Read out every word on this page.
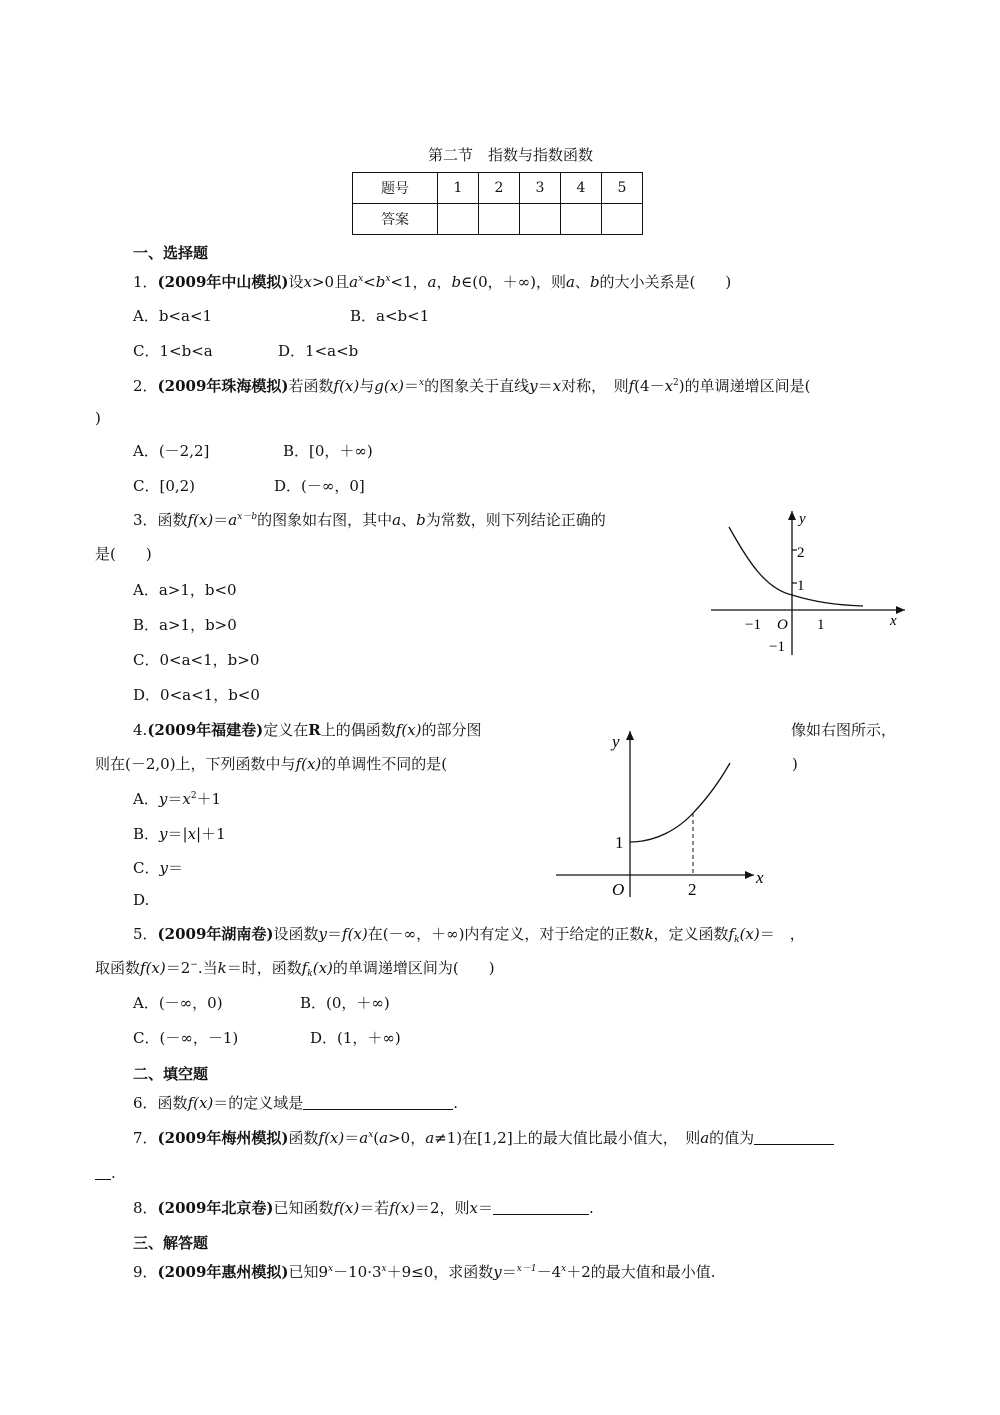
第二节　指数与指数函数
题号	1	2	3	4	5
答案					
一、选择题
1．(2009年中山模拟)设x>0且$a^x<b^x<1$，a，b∈(0，＋∞)，则a、b的大小关系是(　　)
A．b<a<1	B．a<b<1
C．1<b<a	D．1<a<b
2．(2009年珠海模拟)若函数f(x)与g(x)＝$^x$的图象关于直线y＝x对称，　则$f(4-x^2)$的单调递增区间是(
)
A．(－2,2]	B．[0，＋∞)
C．[0,2)	D．(－∞，0]
3．函数$f(x)=a^{x-b}$的图象如右图，其中a、b为常数，则下列结论正确的
是(　　)
A．a>1，b<0
B．a>1，b>0
C．0<a<1，b>0
D．0<a<1，b<0
y
x
2
1
−1 O 1
−1
4.(2009年福建卷)定义在R上的偶函数f(x)的部分图	像如右图所示，
则在(－2,0)上，下列函数中与f(x)的单调性不同的是(	)
A．$y=x^2+1$
B．y＝|x|＋1
C．y＝
D.
y
x
1
O	2
5．(2009年湖南卷)设函数y＝f(x)在(－∞，＋∞)内有定义，对于给定的正数k，定义函数$f_k(x)=$　，
取函数f(x)＝2−.当k＝时，函数$f_k(x)$的单调递增区间为(　　)
A．(－∞，0)	B．(0，＋∞)
C．(－∞，－1)	D．(1，＋∞)
二、填空题
6．函数f(x)＝的定义域是	.
7．(2009年梅州模拟)函数$f(x)=a^x(a>0$，a≠1)在[1,2]上的最大值比最小值大，　则a的值为
.
8．(2009年北京卷)已知函数f(x)＝若f(x)＝2，则x＝	.
三、解答题
9．(2009年惠州模拟)已知$9^x-10\cdot 3^x+9\le 0$，求函数$y=^{x-1}-4^x+2$的最大值和最小值.
